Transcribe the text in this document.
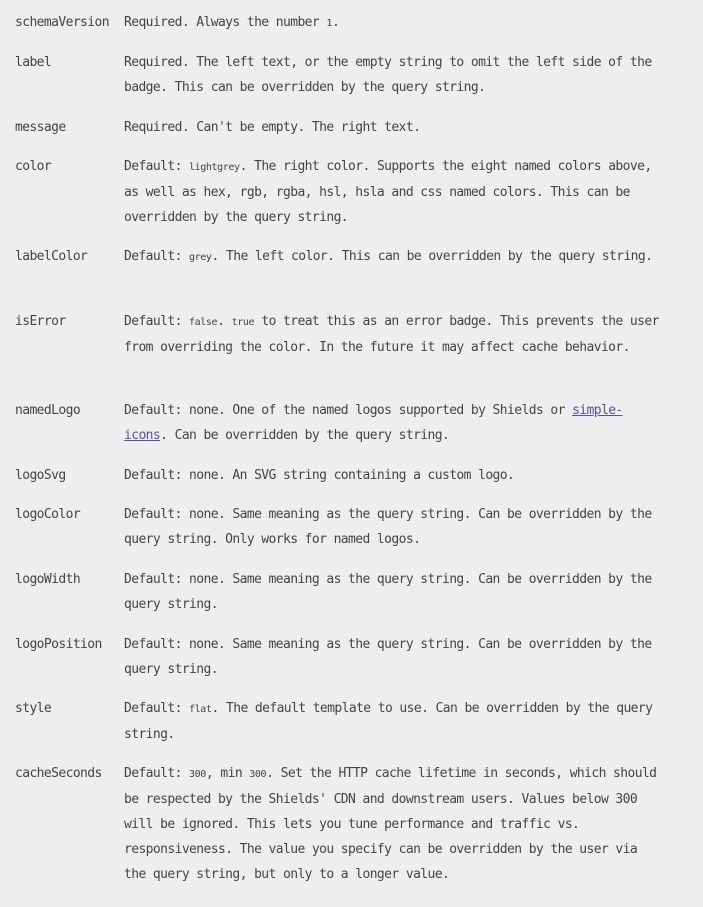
schemaVersion	Required. Always the number 1.
label	Required. The left text, or the empty string to omit the left side of the badge. This can be overridden by the query string.
message	Required. Can't be empty. The right text.
color	Default: lightgrey. The right color. Supports the eight named colors above, as well as hex, rgb, rgba, hsl, hsla and css named colors. This can be overridden by the query string.
labelColor	Default: grey. The left color. This can be overridden by the query string.
isError	Default: false. true to treat this as an error badge. This prevents the user from overriding the color. In the future it may affect cache behavior.
namedLogo	Default: none. One of the named logos supported by Shields or simple-icons. Can be overridden by the query string.
logoSvg	Default: none. An SVG string containing a custom logo.
logoColor	Default: none. Same meaning as the query string. Can be overridden by the query string. Only works for named logos.
logoWidth	Default: none. Same meaning as the query string. Can be overridden by the query string.
logoPosition	Default: none. Same meaning as the query string. Can be overridden by the query string.
style	Default: flat. The default template to use. Can be overridden by the query string.
cacheSeconds	Default: 300, min 300. Set the HTTP cache lifetime in seconds, which should be respected by the Shields' CDN and downstream users. Values below 300 will be ignored. This lets you tune performance and traffic vs. responsiveness. The value you specify can be overridden by the user via the query string, but only to a longer value.
